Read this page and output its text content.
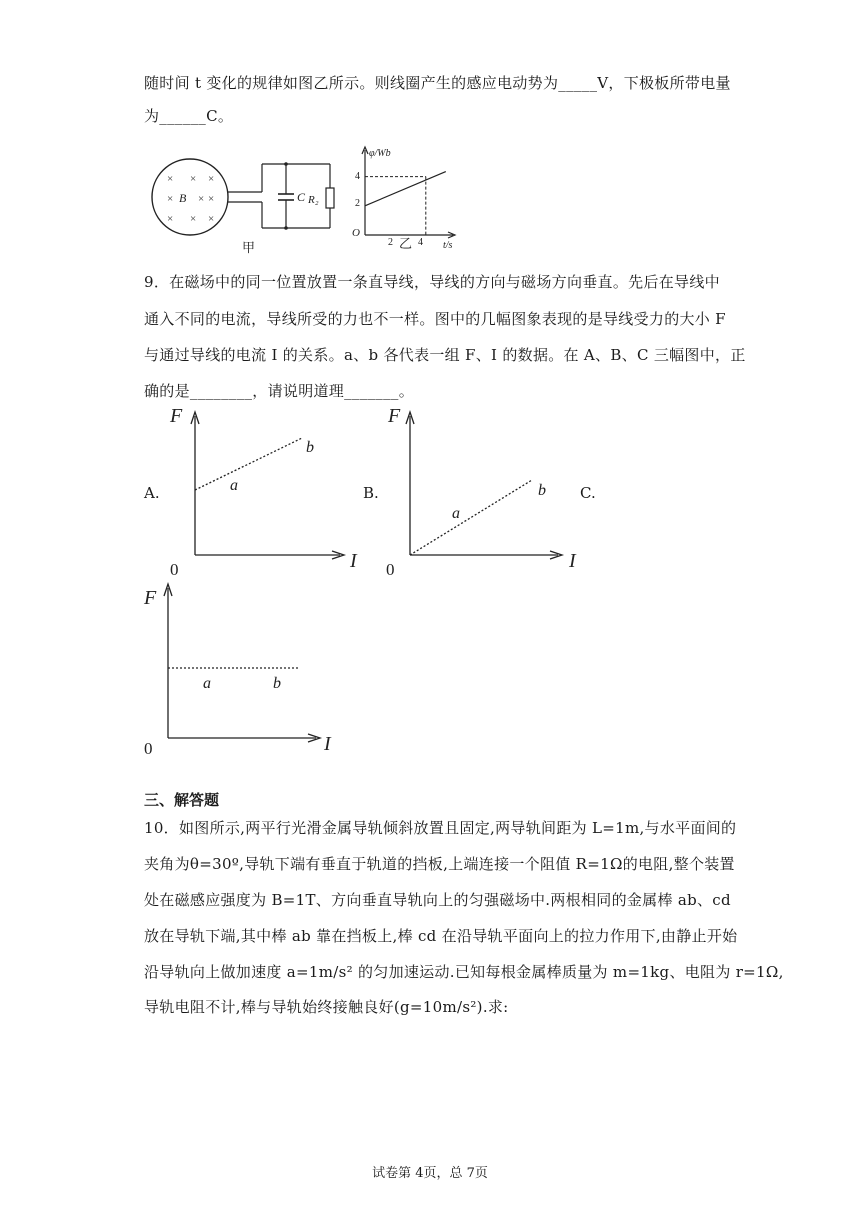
随时间 t 变化的规律如图乙所示。则线圈产生的感应电动势为_____V，下极板所带电量
为______C。
× × ×
× × ×
× × ×
B	C R₂
甲
φ/Wb
t/s
O
4
2
2	4
乙
9．在磁场中的同一位置放置一条直导线，导线的方向与磁场方向垂直。先后在导线中
通入不同的电流，导线所受的力也不一样。图中的几幅图象表现的是导线受力的大小 F
与通过导线的电流 I 的关系。a、b 各代表一组 F、I 的数据。在 A、B、C 三幅图中，正
确的是________，请说明道理_______。
A.
F
I
0
a
b
B.
F
I
0
a
b C.
F
I
0
a	b
三、解答题
10．如图所示,两平行光滑金属导轨倾斜放置且固定,两导轨间距为 L=1m,与水平面间的
夹角为θ=30º,导轨下端有垂直于轨道的挡板,上端连接一个阻值 R=1Ω的电阻,整个装置
处在磁感应强度为 B=1T、方向垂直导轨向上的匀强磁场中.两根相同的金属棒 ab、cd
放在导轨下端,其中棒 ab 靠在挡板上,棒 cd 在沿导轨平面向上的拉力作用下,由静止开始
沿导轨向上做加速度 a=1m/s² 的匀加速运动.已知每根金属棒质量为 m=1kg、电阻为 r=1Ω,
导轨电阻不计,棒与导轨始终接触良好(g=10m/s²).求:
试卷第 4页，总 7页
